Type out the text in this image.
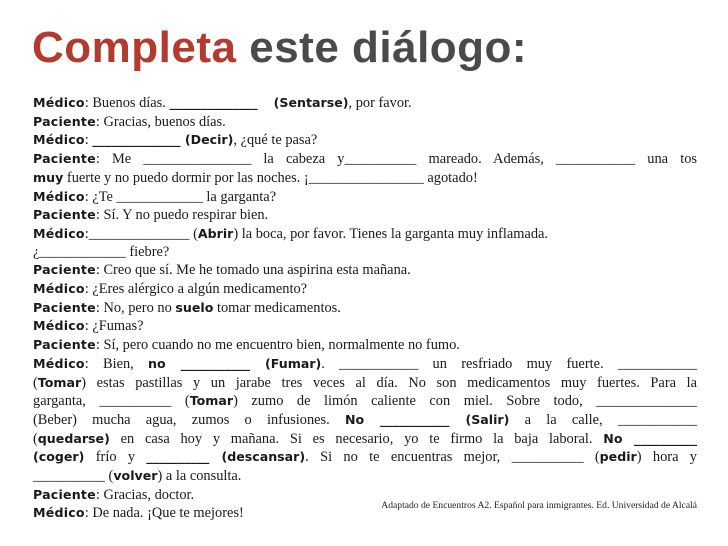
Completa este diálogo:
Médico: Buenos días. ______________ (Sentarse), por favor.
Paciente: Gracias, buenos días.
Médico: ______________ (Decir), ¿qué te pasa?
Paciente: Me _______________ la cabeza y__________ mareado. Además, ___________ una tos
muy fuerte y no puedo dormir por las noches. ¡________________ agotado!
Médico: ¿Te ____________ la garganta?
Paciente: Sí. Y no puedo respirar bien.
Médico:______________ (Abrir) la boca, por favor. Tienes la garganta muy inflamada.
¿____________ fiebre?
Paciente: Creo que sí. Me he tomado una aspirina esta mañana.
Médico: ¿Eres alérgico a algún medicamento?
Paciente: No, pero no suelo tomar medicamentos.
Médico: ¿Fumas?
Paciente: Sí, pero cuando no me encuentro bien, normalmente no fumo.
Médico: Bien, no ___________ (Fumar). ___________ un resfriado muy fuerte. ___________
(Tomar) estas pastillas y un jarabe tres veces al día. No son medicamentos muy fuertes. Para la
garganta, __________ (Tomar) zumo de limón caliente con miel. Sobre todo, ______________
(Beber) mucha agua, zumos o infusiones. No ___________ (Salir) a la calle, ___________
(quedarse) en casa hoy y mañana. Si es necesario, yo te firmo la baja laboral. No __________
(coger) frío y __________ (descansar). Si no te encuentras mejor, __________ (pedir) hora y
__________ (volver) a la consulta.
Paciente: Gracias, doctor.
Médico: De nada. ¡Que te mejores!	Adaptado de Encuentros A2. Español para inmigrantes. Ed. Universidad de Alcalá
